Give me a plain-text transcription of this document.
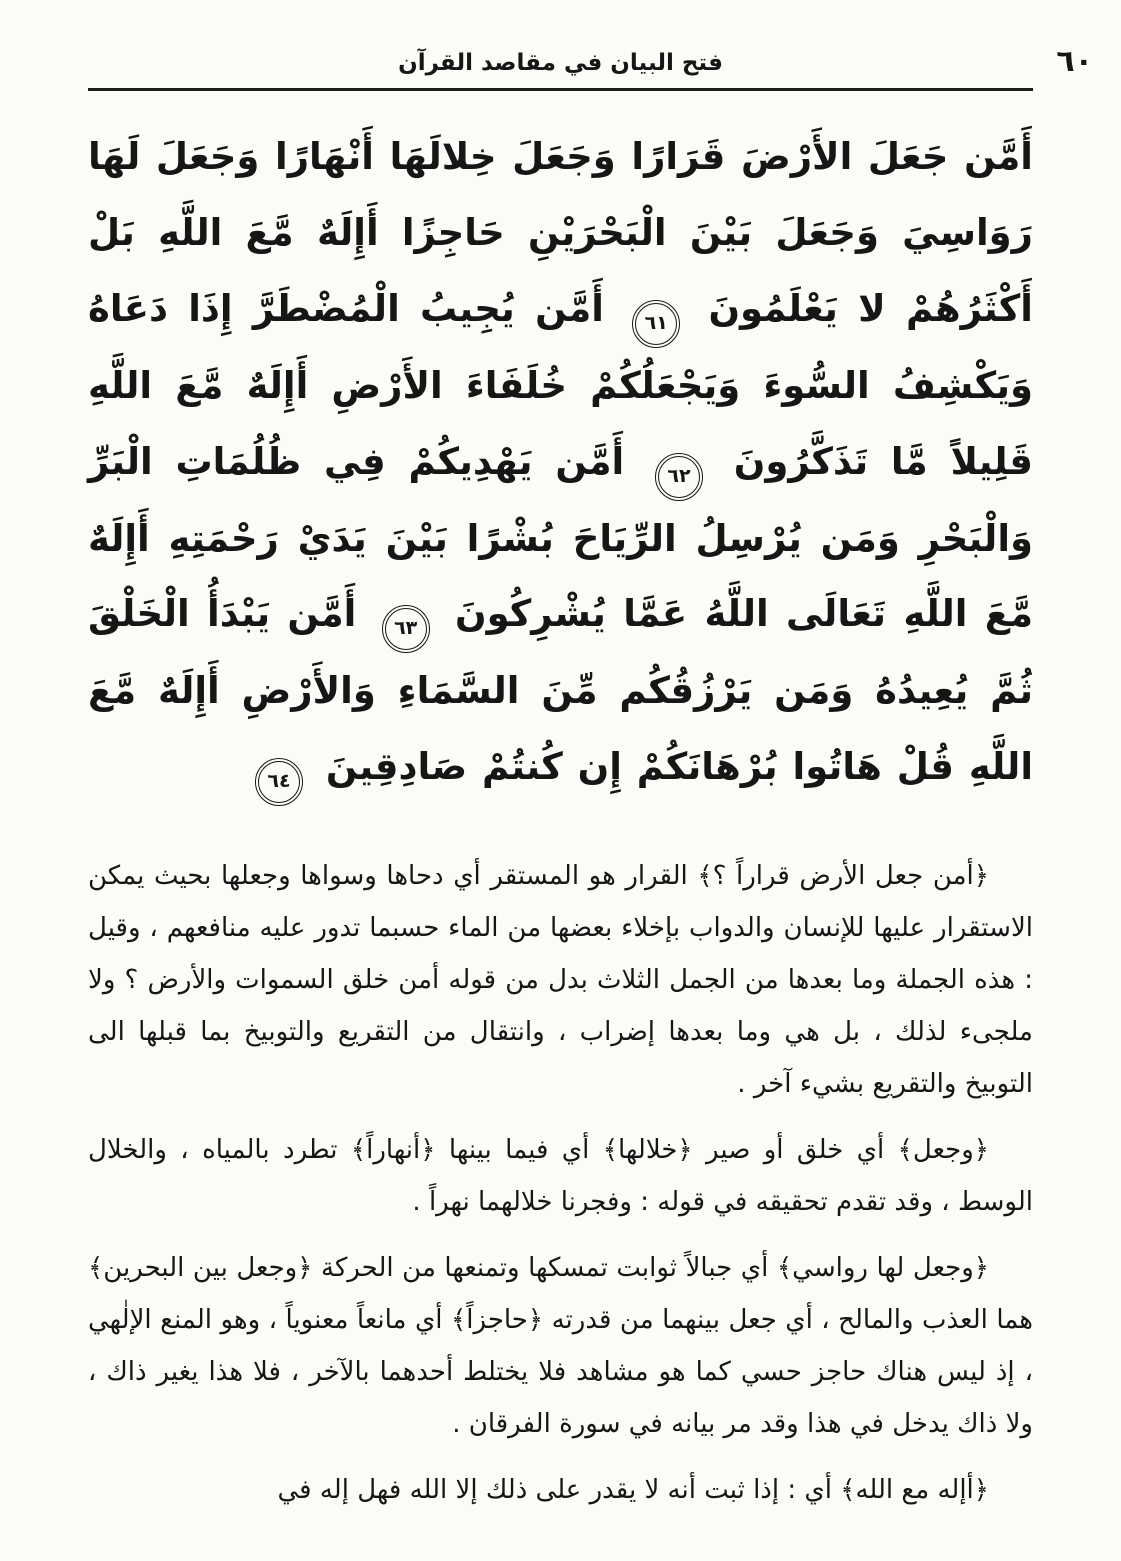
فتح البيان في مقاصد القرآن	٦٠
أَمَّن جَعَلَ الأَرْضَ قَرَارًا وَجَعَلَ خِلالَهَا أَنْهَارًا وَجَعَلَ لَهَا رَوَاسِيَ وَجَعَلَ بَيْنَ الْبَحْرَيْنِ حَاجِزًا أَإِلَهٌ مَّعَ اللَّهِ بَلْ أَكْثَرُهُمْ لا يَعْلَمُونَ ٦١ أَمَّن يُجِيبُ الْمُضْطَرَّ إِذَا دَعَاهُ وَيَكْشِفُ السُّوءَ وَيَجْعَلُكُمْ خُلَفَاءَ الأَرْضِ أَإِلَهٌ مَّعَ اللَّهِ قَلِيلاً مَّا تَذَكَّرُونَ ٦٢ أَمَّن يَهْدِيكُمْ فِي ظُلُمَاتِ الْبَرِّ وَالْبَحْرِ وَمَن يُرْسِلُ الرِّيَاحَ بُشْرًا بَيْنَ يَدَيْ رَحْمَتِهِ أَإِلَهٌ مَّعَ اللَّهِ تَعَالَى اللَّهُ عَمَّا يُشْرِكُونَ ٦٣ أَمَّن يَبْدَأُ الْخَلْقَ ثُمَّ يُعِيدُهُ وَمَن يَرْزُقُكُم مِّنَ السَّمَاءِ وَالأَرْضِ أَإِلَهٌ مَّعَ اللَّهِ قُلْ هَاتُوا بُرْهَانَكُمْ إِن كُنتُمْ صَادِقِينَ ٦٤

﴿أمن جعل الأرض قراراً ؟﴾ القرار هو المستقر أي دحاها وسواها وجعلها بحيث يمكن الاستقرار عليها للإنسان والدواب بإخلاء بعضها من الماء حسبما تدور عليه منافعهم ، وقيل : هذه الجملة وما بعدها من الجمل الثلاث بدل من قوله أمن خلق السموات والأرض ؟ ولا ملجىء لذلك ، بل هي وما بعدها إضراب ، وانتقال من التقريع والتوبيخ بما قبلها الى التوبيخ والتقريع بشيء آخر .

﴿وجعل﴾ أي خلق أو صير ﴿خلالها﴾ أي فيما بينها ﴿أنهاراً﴾ تطرد بالمياه ، والخلال الوسط ، وقد تقدم تحقيقه في قوله : وفجرنا خلالهما نهراً .

﴿وجعل لها رواسي﴾ أي جبالاً ثوابت تمسكها وتمنعها من الحركة ﴿وجعل بين البحرين﴾ هما العذب والمالح ، أي جعل بينهما من قدرته ﴿حاجزاً﴾ أي مانعاً معنوياً ، وهو المنع الإلٰهي ، إذ ليس هناك حاجز حسي كما هو مشاهد فلا يختلط أحدهما بالآخر ، فلا هذا يغير ذاك ، ولا ذاك يدخل في هذا وقد مر بيانه في سورة الفرقان .

﴿أإله مع الله﴾ أي : إذا ثبت أنه لا يقدر على ذلك إلا الله فهل إله في
